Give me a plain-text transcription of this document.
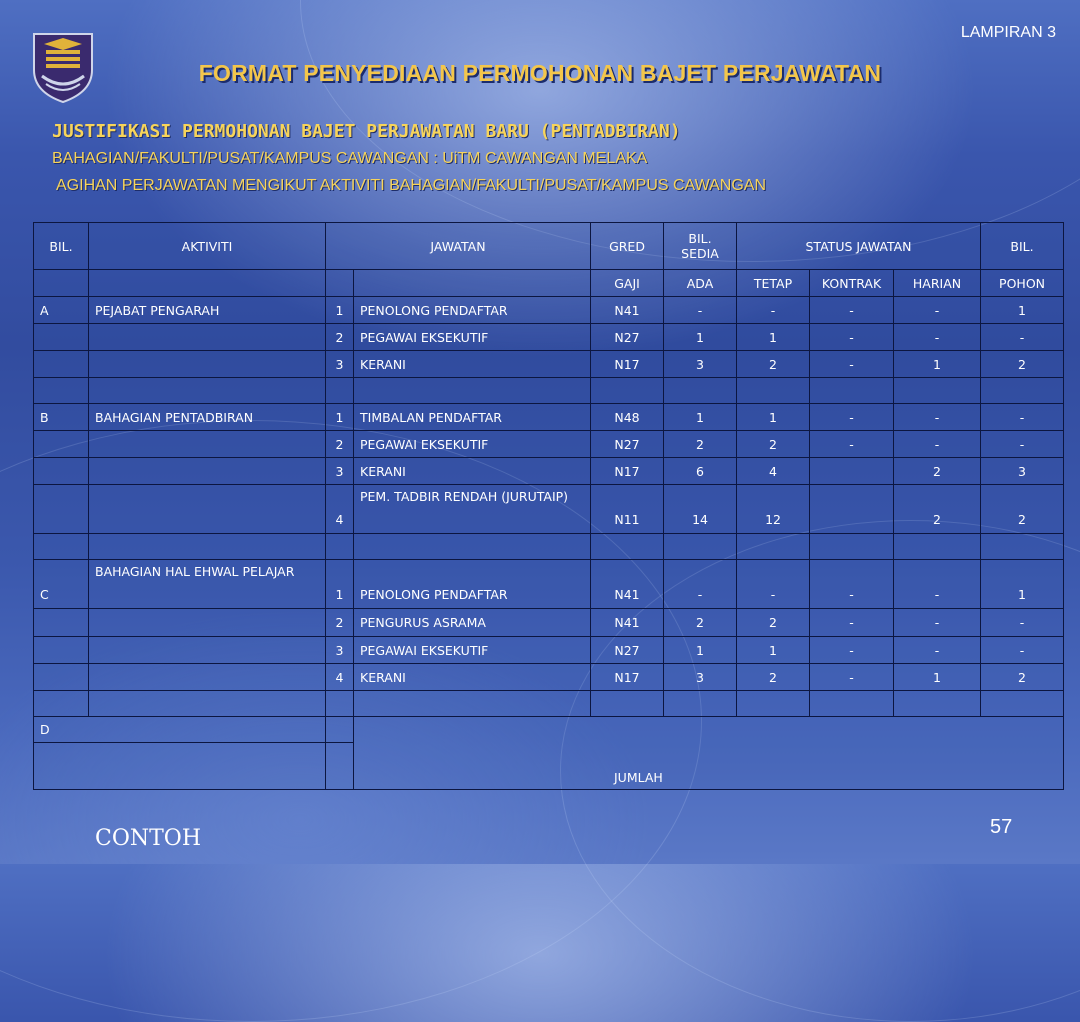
LAMPIRAN 3
FORMAT PENYEDIAAN PERMOHONAN BAJET PERJAWATAN
JUSTIFIKASI PERMOHONAN BAJET PERJAWATAN BARU (PENTADBIRAN)
BAHAGIAN/FAKULTI/PUSAT/KAMPUS CAWANGAN : UiTM CAWANGAN MELAKA
AGIHAN PERJAWATAN MENGIKUT AKTIVITI BAHAGIAN/FAKULTI/PUSAT/KAMPUS CAWANGAN
BIL.	AKTIVITI	JAWATAN		GRED	BIL. SEDIA	STATUS JAWATAN			BIL.
				GAJI	ADA	TETAP	KONTRAK	HARIAN	POHON
A	PEJABAT PENGARAH	1	PENOLONG PENDAFTAR	N41	-	-	-	-	1
		2	PEGAWAI EKSEKUTIF	N27	1	1	-	-	-
		3	KERANI	N17	3	2	-	1	2

B	BAHAGIAN PENTADBIRAN	1	TIMBALAN PENDAFTAR	N48	1	1	-	-	-
		2	PEGAWAI EKSEKUTIF	N27	2	2	-	-	-
		3	KERANI	N17	6	4		2	3
		4	PEM. TADBIR RENDAH (JURUTAIP)	N11	14	12		2	2

C	BAHAGIAN HAL EHWAL PELAJAR	1	PENOLONG PENDAFTAR	N41	-	-	-	-	1
		2	PENGURUS ASRAMA	N41	2	2	-	-	-
		3	PEGAWAI EKSEKUTIF	N27	1	1	-	-	-
		4	KERANI	N17	3	2	-	1	2

D									
			JUMLAH						
CONTOH	57
